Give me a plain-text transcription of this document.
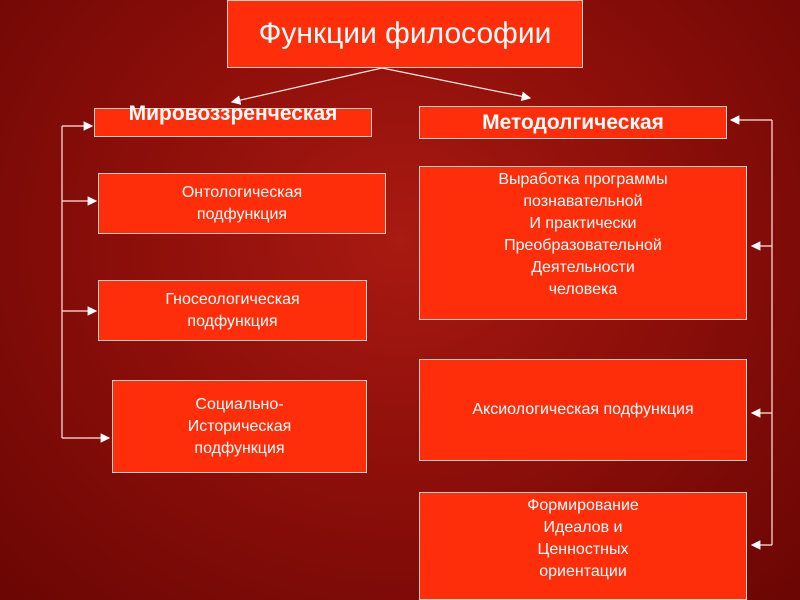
Функции философии
Мировоззренческая	Методолгическая
Онтологическая
подфункция
Гносеологическая
подфункция
Социально-
Историческая
подфункция
Выработка программы
познавательной
И практически
Преобразовательной
Деятельности
человека
Аксиологическая подфункция
Формирование
Идеалов и
Ценностных
ориентации
